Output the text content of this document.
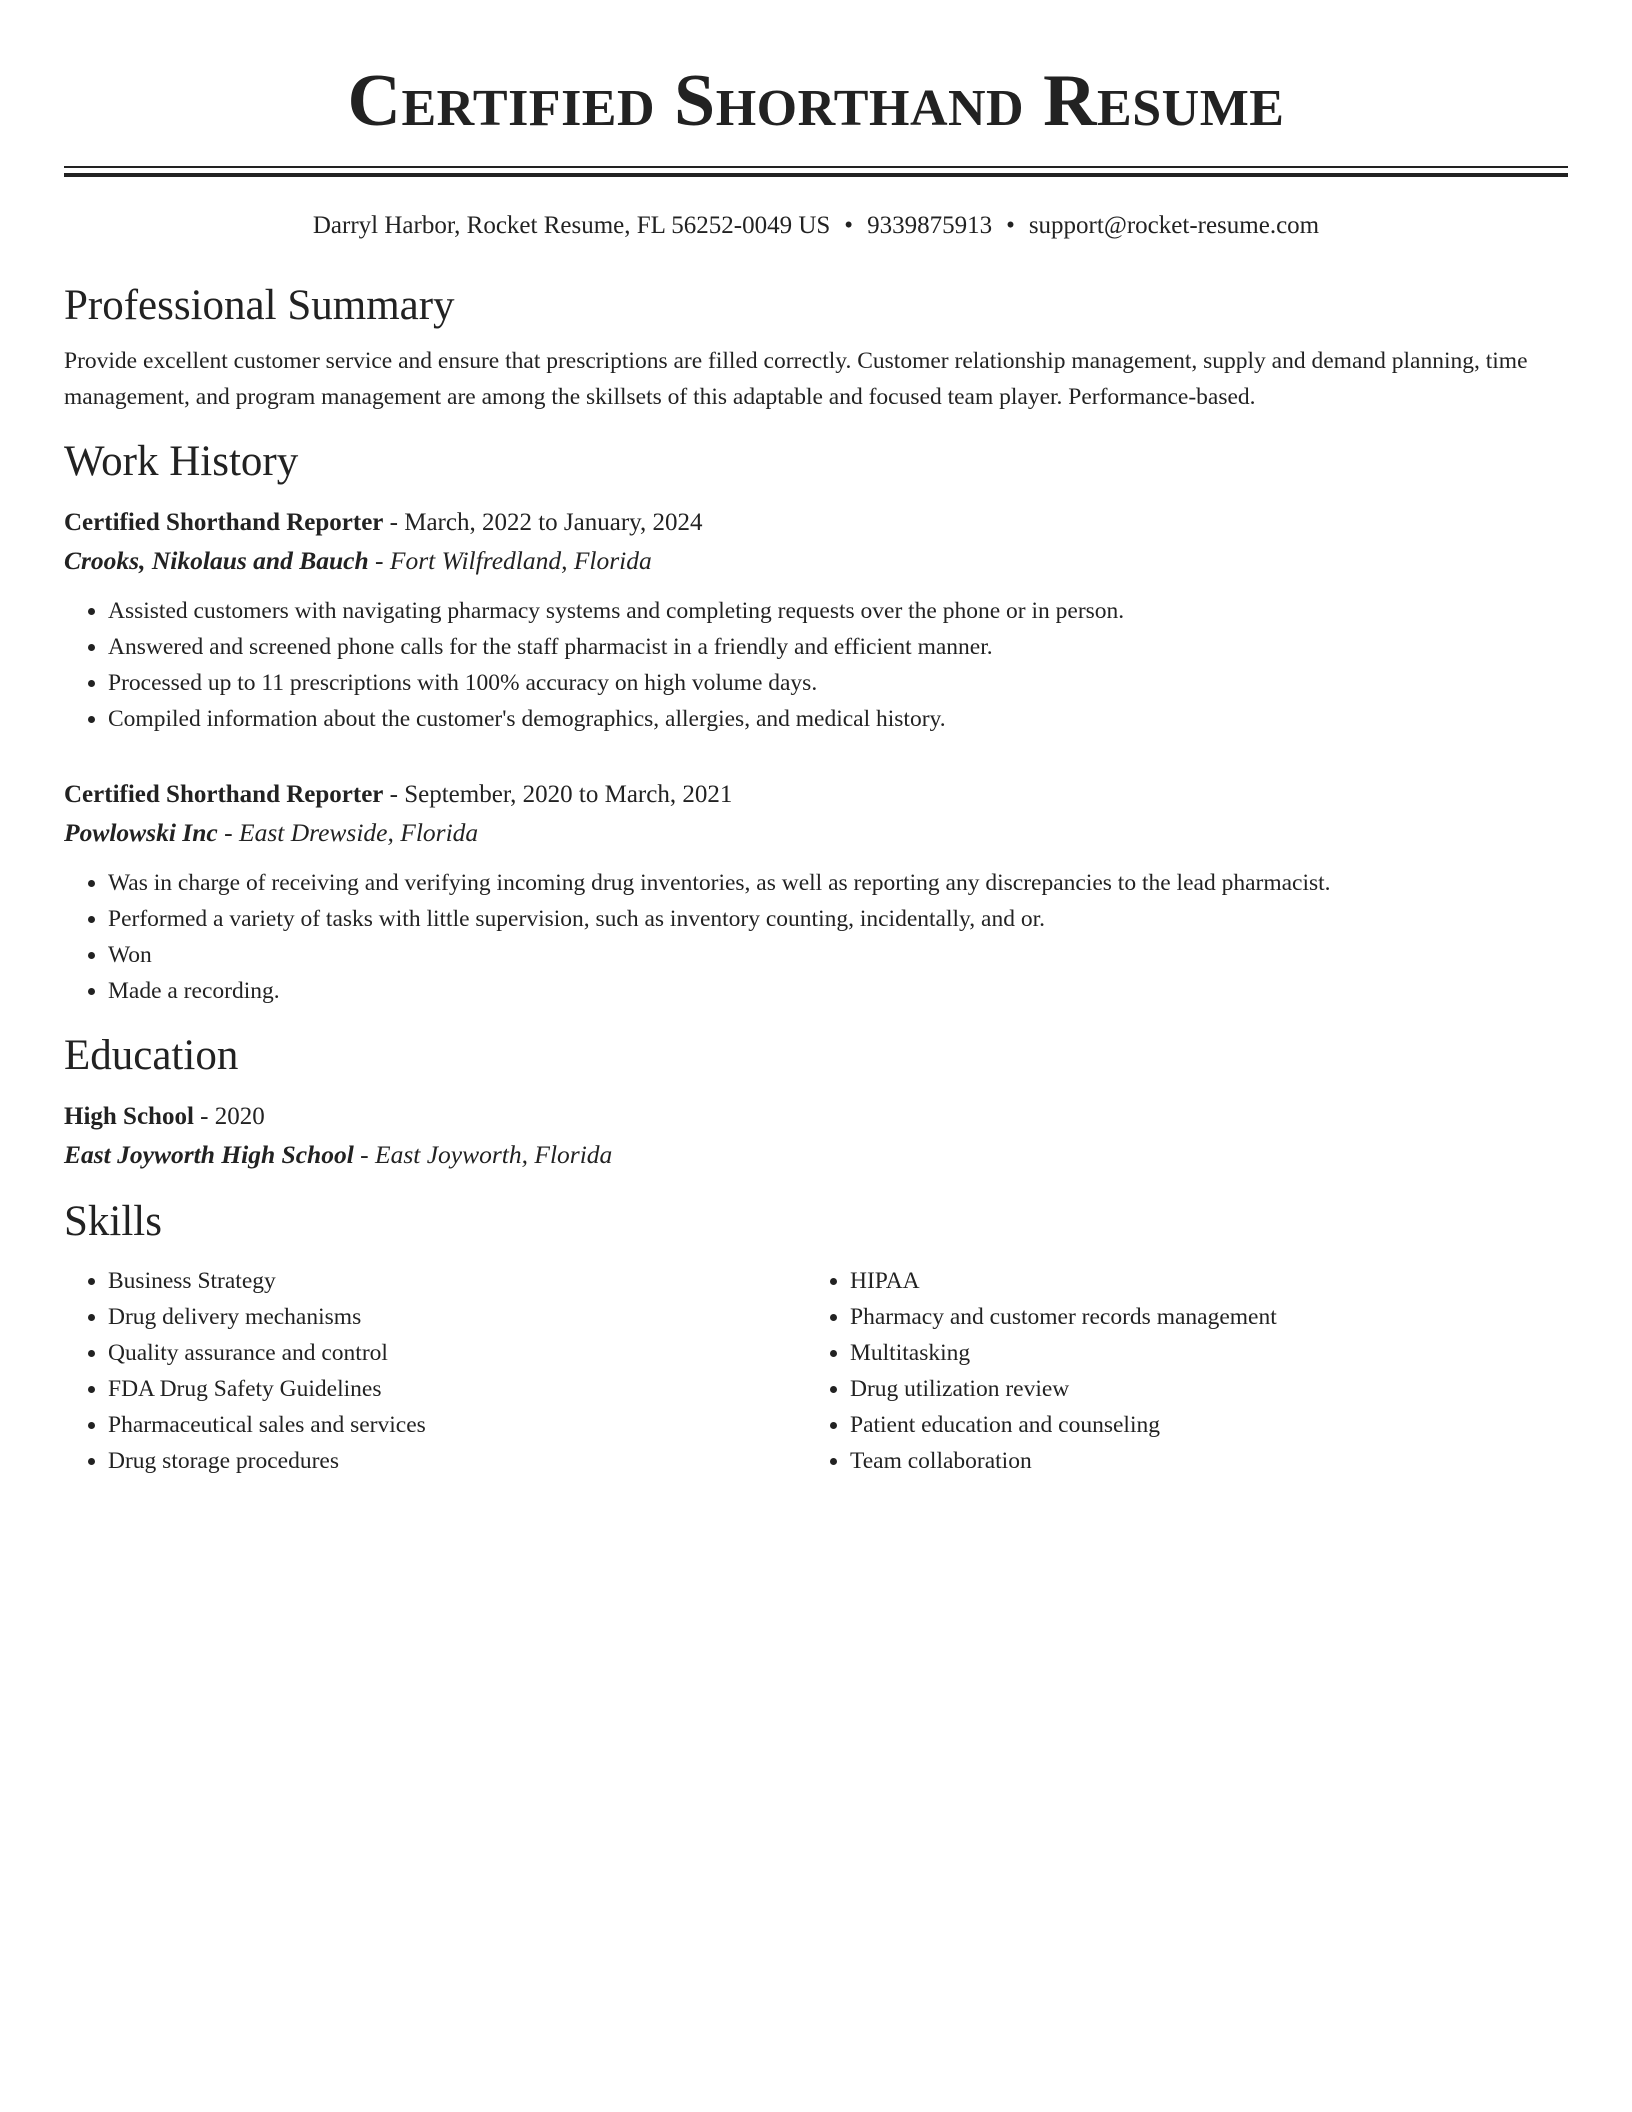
Certified Shorthand Resume
Darryl Harbor, Rocket Resume, FL 56252-0049 US • 9339875913 • support@rocket-resume.com
Professional Summary
Provide excellent customer service and ensure that prescriptions are filled correctly. Customer relationship management, supply and demand planning, time management, and program management are among the skillsets of this adaptable and focused team player. Performance-based.
Work History
Certified Shorthand Reporter - March, 2022 to January, 2024
Crooks, Nikolaus and Bauch - Fort Wilfredland, Florida
• Assisted customers with navigating pharmacy systems and completing requests over the phone or in person.
• Answered and screened phone calls for the staff pharmacist in a friendly and efficient manner.
• Processed up to 11 prescriptions with 100% accuracy on high volume days.
• Compiled information about the customer's demographics, allergies, and medical history.
Certified Shorthand Reporter - September, 2020 to March, 2021
Powlowski Inc - East Drewside, Florida
• Was in charge of receiving and verifying incoming drug inventories, as well as reporting any discrepancies to the lead pharmacist.
• Performed a variety of tasks with little supervision, such as inventory counting, incidentally, and or.
• Won
• Made a recording.
Education
High School - 2020
East Joyworth High School - East Joyworth, Florida
Skills
• Business Strategy
• Drug delivery mechanisms
• Quality assurance and control
• FDA Drug Safety Guidelines
• Pharmaceutical sales and services
• Drug storage procedures
• HIPAA
• Pharmacy and customer records management
• Multitasking
• Drug utilization review
• Patient education and counseling
• Team collaboration
